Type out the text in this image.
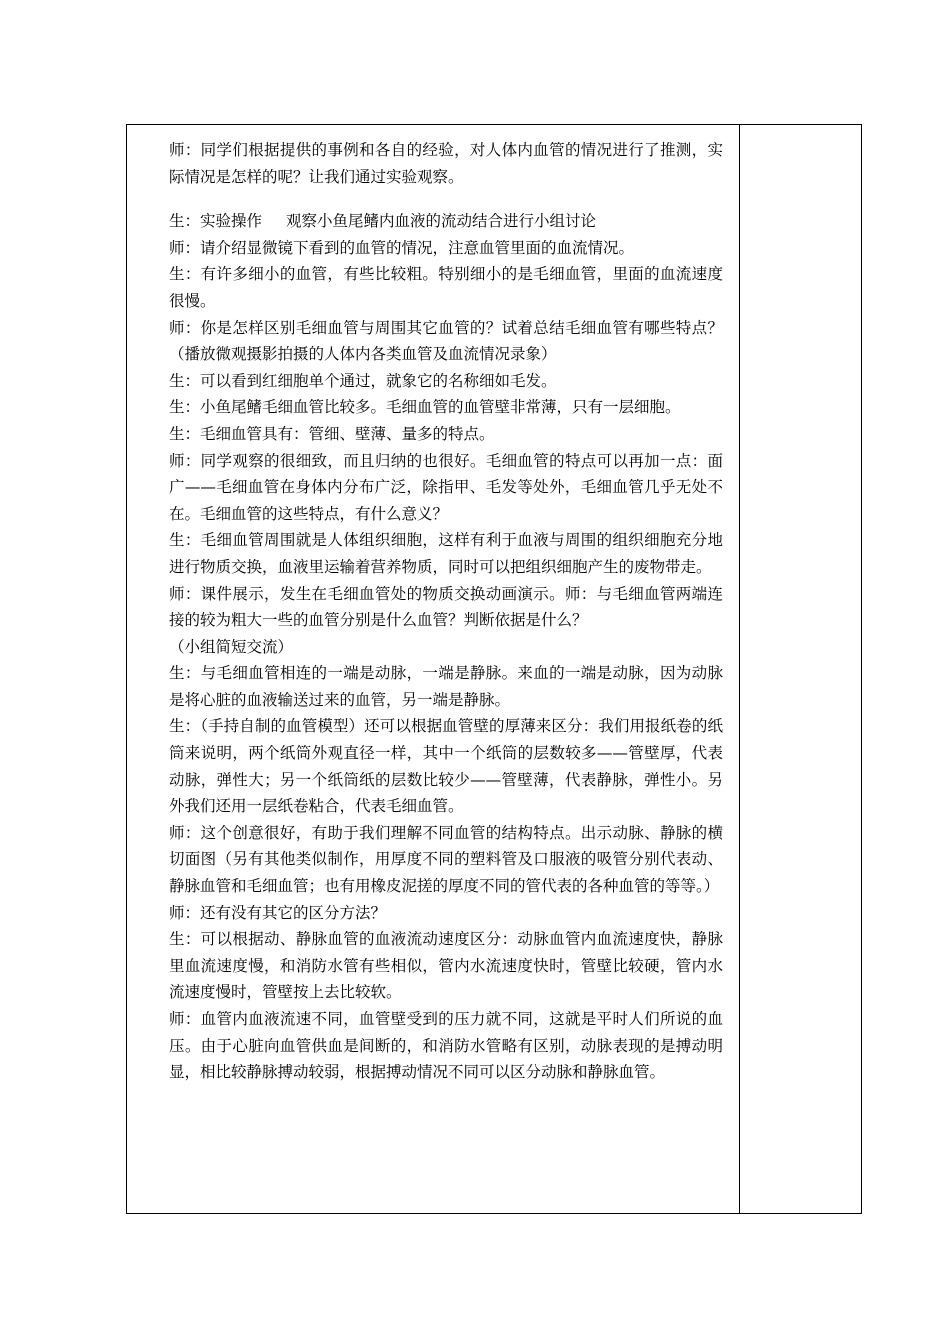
师：同学们根据提供的事例和各自的经验，对人体内血管的情况进行了推测，实际情况是怎样的呢？让我们通过实验观察。

生：实验操作 观察小鱼尾鳍内血液的流动结合进行小组讨论

师：请介绍显微镜下看到的血管的情况，注意血管里面的血流情况。

生：有许多细小的血管，有些比较粗。特别细小的是毛细血管，里面的血流速度很慢。

师：你是怎样区别毛细血管与周围其它血管的？试着总结毛细血管有哪些特点？（播放微观摄影拍摄的人体内各类血管及血流情况录象）

生：可以看到红细胞单个通过，就象它的名称细如毛发。

生：小鱼尾鳍毛细血管比较多。毛细血管的血管壁非常薄，只有一层细胞。

生：毛细血管具有：管细、壁薄、量多的特点。

师：同学观察的很细致，而且归纳的也很好。毛细血管的特点可以再加一点：面广——毛细血管在身体内分布广泛，除指甲、毛发等处外，毛细血管几乎无处不在。毛细血管的这些特点，有什么意义？

生：毛细血管周围就是人体组织细胞，这样有利于血液与周围的组织细胞充分地进行物质交换，血液里运输着营养物质，同时可以把组织细胞产生的废物带走。

师：课件展示，发生在毛细血管处的物质交换动画演示。师：与毛细血管两端连接的较为粗大一些的血管分别是什么血管？判断依据是什么？

（小组简短交流）

生：与毛细血管相连的一端是动脉，一端是静脉。来血的一端是动脉，因为动脉是将心脏的血液输送过来的血管，另一端是静脉。

生：（手持自制的血管模型）还可以根据血管壁的厚薄来区分：我们用报纸卷的纸筒来说明，两个纸筒外观直径一样，其中一个纸筒的层数较多——管壁厚，代表动脉，弹性大；另一个纸筒纸的层数比较少——管壁薄，代表静脉，弹性小。另外我们还用一层纸卷粘合，代表毛细血管。

师：这个创意很好，有助于我们理解不同血管的结构特点。出示动脉、静脉的横切面图（另有其他类似制作，用厚度不同的塑料管及口服液的吸管分别代表动、静脉血管和毛细血管；也有用橡皮泥搓的厚度不同的管代表的各种血管的等等。）

师：还有没有其它的区分方法？

生：可以根据动、静脉血管的血液流动速度区分：动脉血管内血流速度快，静脉里血流速度慢，和消防水管有些相似，管内水流速度快时，管壁比较硬，管内水流速度慢时，管壁按上去比较软。

师：血管内血液流速不同，血管壁受到的压力就不同，这就是平时人们所说的血压。由于心脏向血管供血是间断的，和消防水管略有区别，动脉表现的是搏动明显，相比较静脉搏动较弱，根据搏动情况不同可以区分动脉和静脉血管。
